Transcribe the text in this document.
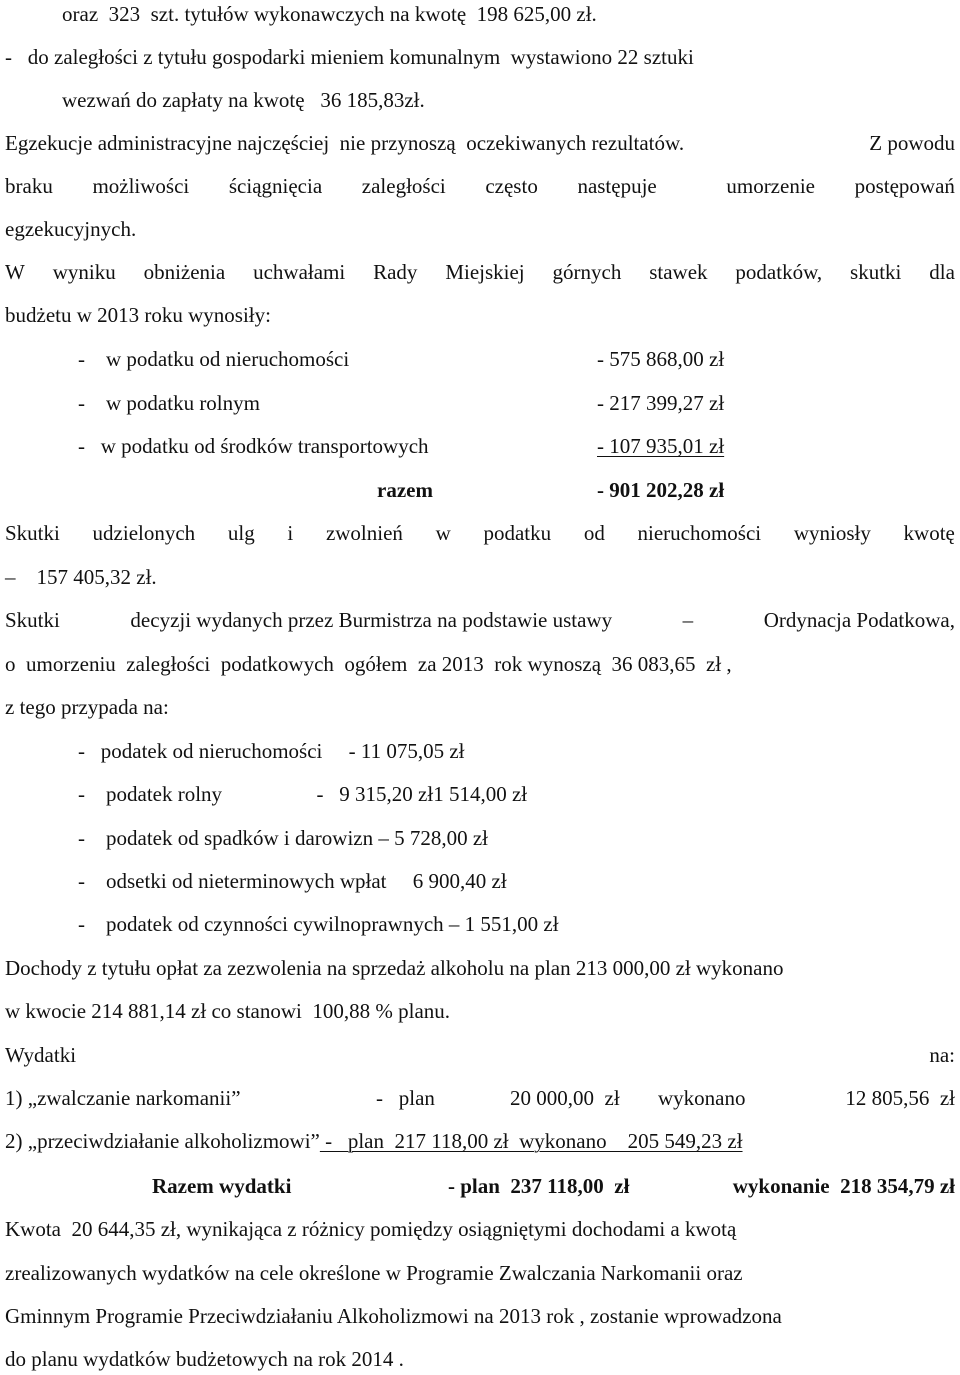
oraz  323  szt. tytułów wykonawczych na kwotę  198 625,00 zł.
-   do zaległości z tytułu gospodarki mieniem komunalnym  wystawiono 22 sztuki
wezwań do zapłaty na kwotę   36 185,83zł.
Egzekucje administracyjne najczęściej  nie przynoszą  oczekiwanych rezultatów.	Z powodu
braku możliwości ściągnięcia zaległości często następuje	umorzenie postępowań
egzekucyjnych.
W wyniku obniżenia uchwałami Rady Miejskiej górnych stawek podatków, skutki dla
budżetu w 2013 roku wynosiły:
-    w podatku od nieruchomości	- 575 868,00 zł
-    w podatku rolnym	- 217 399,27 zł
-   w podatku od środków transportowych	- 107 935,01 zł
razem	- 901 202,28 zł
Skutki udzielonych ulg i zwolnień w podatku od nieruchomości wyniosły kwotę
–    157 405,32 zł.
Skutki	decyzji wydanych przez Burmistrza na podstawie ustawy	–	Ordynacja Podatkowa,
o  umorzeniu  zaległości  podatkowych  ogółem  za 2013  rok wynoszą  36 083,65  zł ,
z tego przypada na:
-   podatek od nieruchomości     - 11 075,05 zł
-    podatek rolny                  -   9 315,20 zł1 514,00 zł
-    podatek od spadków i darowizn – 5 728,00 zł
-    odsetki od nieterminowych wpłat     6 900,40 zł
-    podatek od czynności cywilnoprawnych – 1 551,00 zł
Dochody z tytułu opłat za zezwolenia na sprzedaż alkoholu na plan 213 000,00 zł wykonano
w kwocie 214 881,14 zł co stanowi  100,88 % planu.
Wydatki	na:
1) „zwalczanie narkomanii”	-   plan	20 000,00  zł wykonano	12 805,56  zł
2) „przeciwdziałanie alkoholizmowi” -   plan  217 118,00 zł  wykonano    205 549,23 zł
Razem wydatki	- plan  237 118,00  zł	wykonanie  218 354,79 zł
Kwota  20 644,35 zł, wynikająca z różnicy pomiędzy osiągniętymi dochodami a kwotą
zrealizowanych wydatków na cele określone w Programie Zwalczania Narkomanii oraz
Gminnym Programie Przeciwdziałaniu Alkoholizmowi na 2013 rok , zostanie wprowadzona
do planu wydatków budżetowych na rok 2014 .
